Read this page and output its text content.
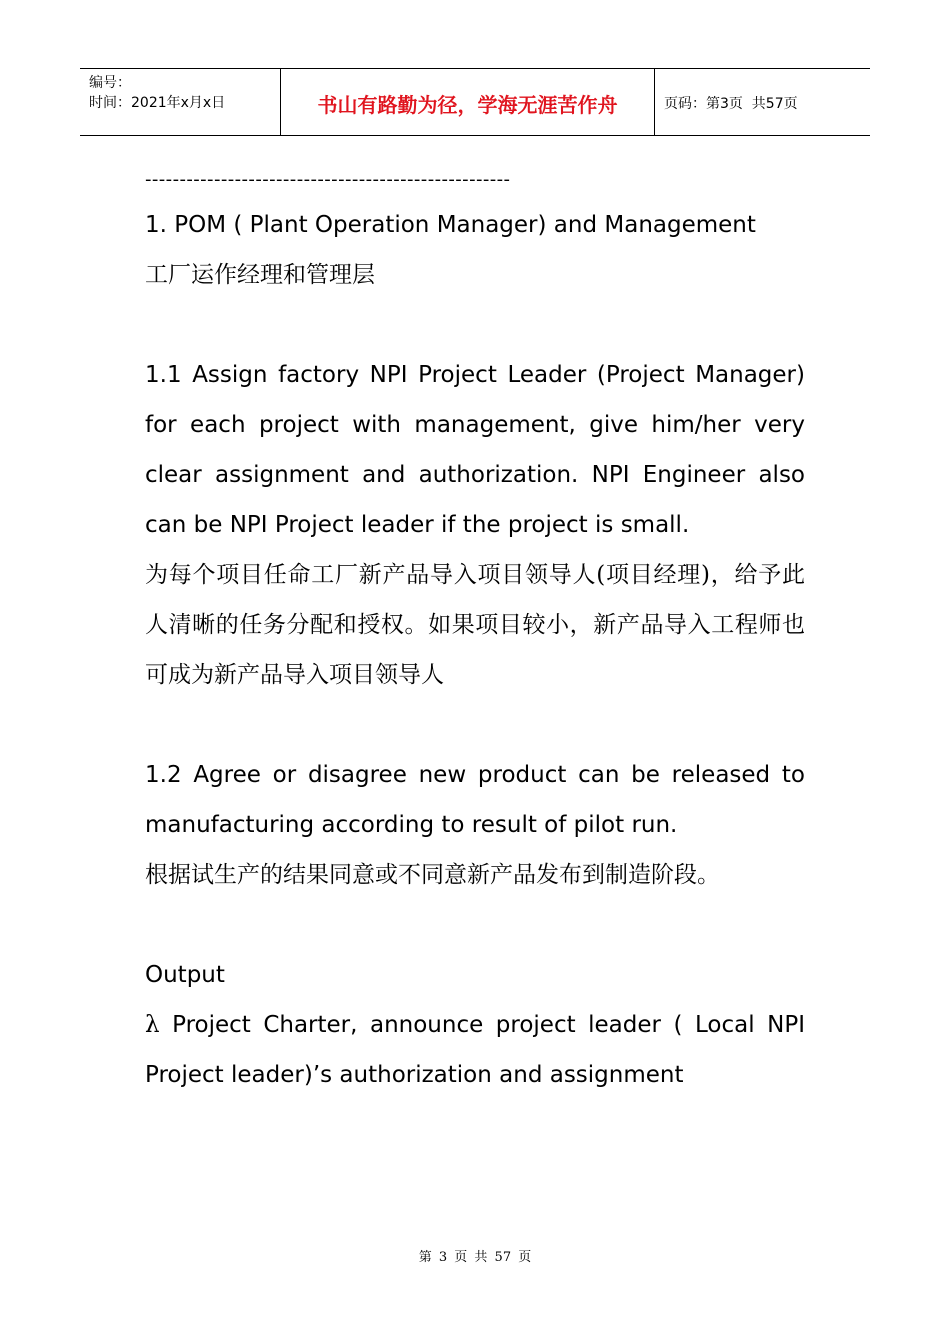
编号：
时间：2021年x月x日	书山有路勤为径，学海无涯苦作舟	页码：第3页  共57页
-----------------------------------------------------

1. POM ( Plant Operation Manager) and Management

工厂运作经理和管理层

1.1 Assign factory NPI Project Leader (Project Manager) for each project with management, give him/her very clear assignment and authorization. NPI Engineer also can be NPI Project leader if the project is small.

为每个项目任命工厂新产品导入项目领导人(项目经理)，给予此人清晰的任务分配和授权。如果项目较小，新产品导入工程师也可成为新产品导入项目领导人

1.2 Agree or disagree new product can be released to manufacturing according to result of pilot run.

根据试生产的结果同意或不同意新产品发布到制造阶段。

Output

λ Project Charter, announce project leader ( Local NPI Project leader)’s authorization and assignment

第 3 页 共 57 页
